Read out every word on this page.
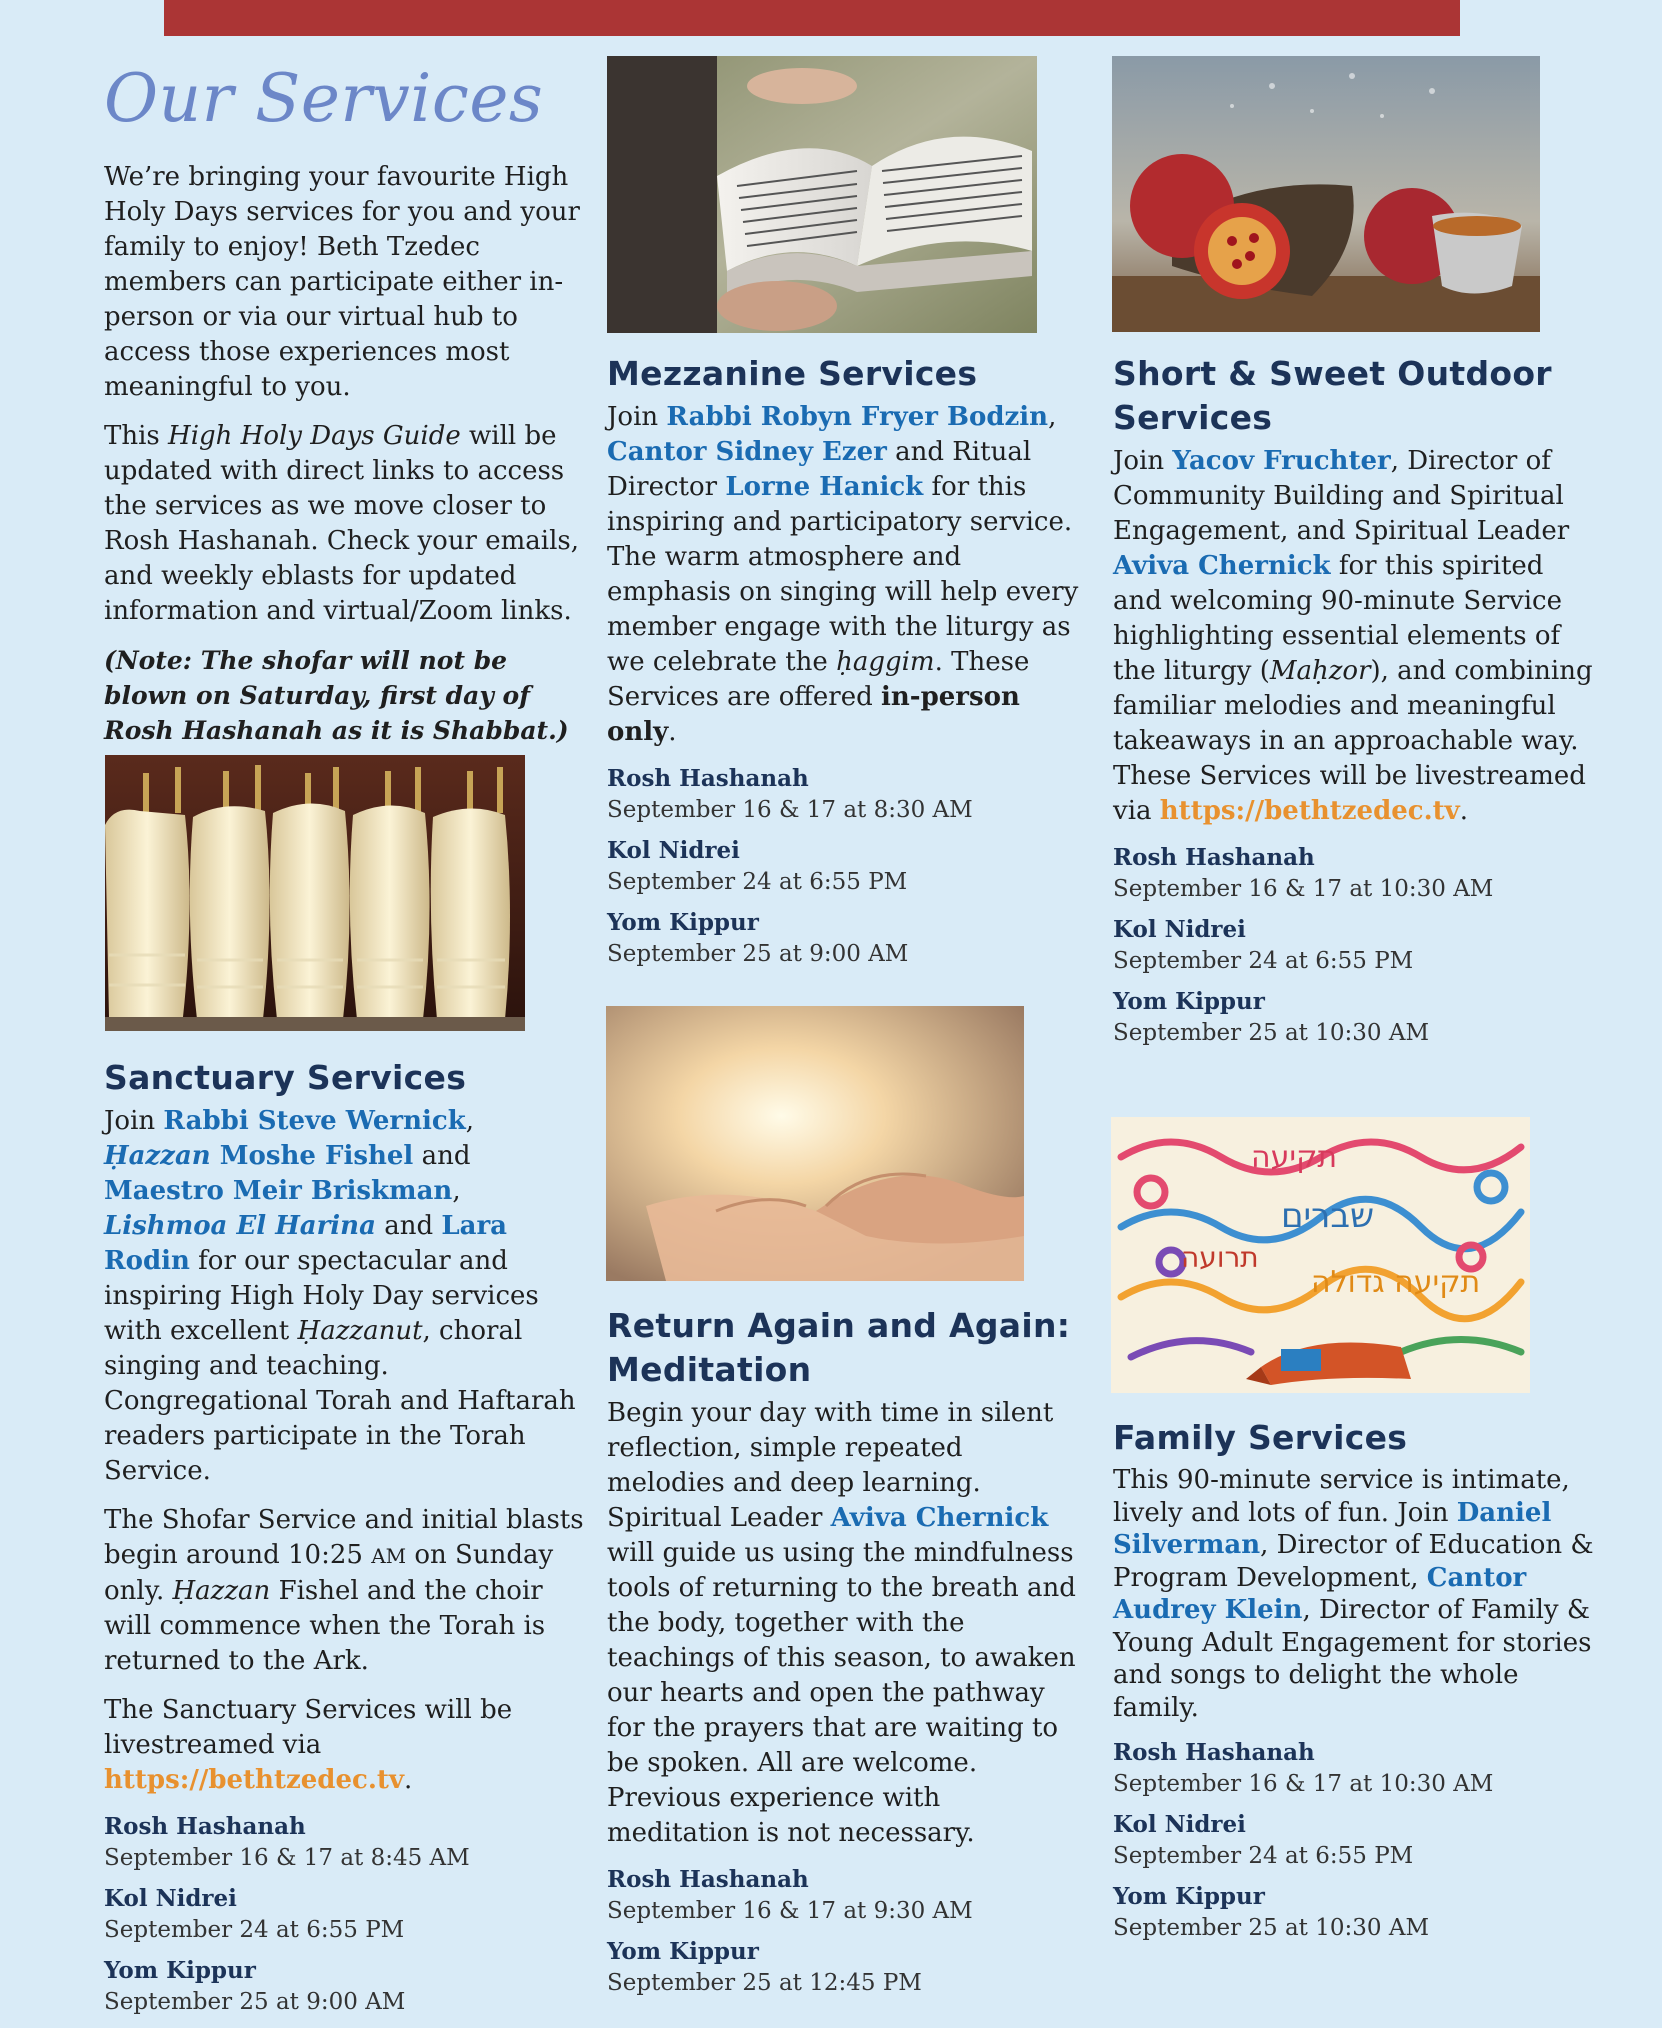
Our Services

We’re bringing your favourite High Holy Days services for you and your family to enjoy! Beth Tzedec members can participate either in-person or via our virtual hub to access those experiences most meaningful to you.

This High Holy Days Guide will be updated with direct links to access the services as we move closer to Rosh Hashanah. Check your emails, and weekly eblasts for updated information and virtual/Zoom links.

(Note: The shofar will not be blown on Saturday, first day of Rosh Hashanah as it is Shabbat.)

Sanctuary Services

Join Rabbi Steve Wernick, Ḥazzan Moshe Fishel and Maestro Meir Briskman, Lishmoa El Harina and Lara Rodin for our spectacular and inspiring High Holy Day services with excellent Ḥazzanut, choral singing and teaching. Congregational Torah and Haftarah readers participate in the Torah Service.

The Shofar Service and initial blasts begin around 10:25 AM on Sunday only. Ḥazzan Fishel and the choir will commence when the Torah is returned to the Ark.

The Sanctuary Services will be livestreamed via https://bethtzedec.tv.

Rosh Hashanah
September 16 & 17 at 8:45 AM
Kol Nidrei
September 24 at 6:55 PM
Yom Kippur
September 25 at 9:00 AM
Mezzanine Services

Join Rabbi Robyn Fryer Bodzin, Cantor Sidney Ezer and Ritual Director Lorne Hanick for this inspiring and participatory service. The warm atmosphere and emphasis on singing will help every member engage with the liturgy as we celebrate the ḥaggim. These Services are offered in-person only.

Rosh Hashanah
September 16 & 17 at 8:30 AM
Kol Nidrei
September 24 at 6:55 PM
Yom Kippur
September 25 at 9:00 AM
Return Again and Again:
Meditation

Begin your day with time in silent reflection, simple repeated melodies and deep learning. Spiritual Leader Aviva Chernick will guide us using the mindfulness tools of returning to the breath and the body, together with the teachings of this season, to awaken our hearts and open the pathway for the prayers that are waiting to be spoken. All are welcome. Previous experience with meditation is not necessary.

Rosh Hashanah
September 16 & 17 at 9:30 AM
Yom Kippur
September 25 at 12:45 PM
Short & Sweet Outdoor
Services

Join Yacov Fruchter, Director of Community Building and Spiritual Engagement, and Spiritual Leader Aviva Chernick for this spirited and welcoming 90-minute Service highlighting essential elements of the liturgy (Maḥzor), and combining familiar melodies and meaningful takeaways in an approachable way. These Services will be livestreamed via https://bethtzedec.tv.

Rosh Hashanah
September 16 & 17 at 10:30 AM
Kol Nidrei
September 24 at 6:55 PM
Yom Kippur
September 25 at 10:30 AM
תקיעה
שברים
תרועה
תקיעה גדולה
Family Services

This 90-minute service is intimate, lively and lots of fun. Join Daniel Silverman, Director of Education & Program Development, Cantor Audrey Klein, Director of Family & Young Adult Engagement for stories and songs to delight the whole family.

Rosh Hashanah
September 16 & 17 at 10:30 AM
Kol Nidrei
September 24 at 6:55 PM
Yom Kippur
September 25 at 10:30 AM
